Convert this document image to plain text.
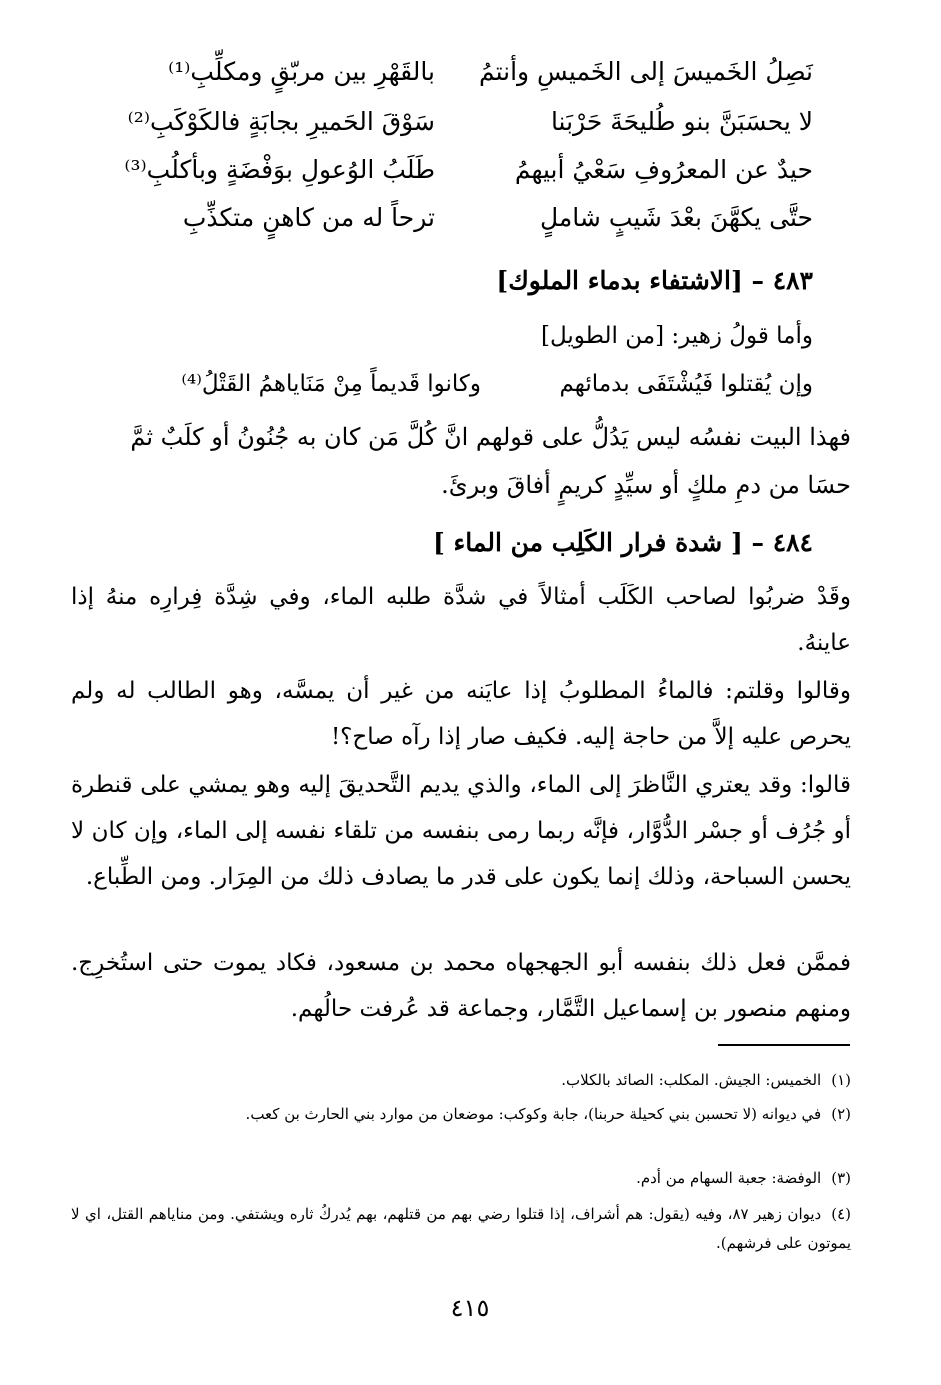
نَصِلُ الخَميسَ إلى الخَميسِ وأنتمُ
بالقَهْرِ بين مربّقٍ ومكلِّبِ⁽¹⁾
لا يحسَبَنَّ بنو طُليحَةَ حَرْبَنا
سَوْقَ الحَميرِ بجابَةٍ فالكَوْكَبِ⁽²⁾
حيدٌ عن المعرُوفِ سَعْيُ أبيهمُ
طَلَبُ الوُعولِ بوَفْضَةٍ وبأكلُبِ⁽³⁾
حتَّى يكهَّنَ بعْدَ شَيبٍ شاملٍ
ترحاً له من كاهنٍ متكذِّبِ
٤٨٣ – [الاشتفاء بدماء الملوك]
وأما قولُ زهير: [من الطويل]
وإن يُقتلوا فَيُشْتَفَى بدمائهم
وكانوا قَديماً مِنْ مَنَاياهمُ القَتْلُ⁽⁴⁾
فهذا البيت نفسُه ليس يَدُلُّ على قولهم انَّ كُلَّ مَن كان به جُنُونُ أو كلَبٌ ثمَّ
حسَا من دمِ ملكٍ أو سيِّدٍ كريمٍ أفاقَ وبرئَ.
٤٨٤ – [ شدة فرار الكَلِب من الماء ]
وقَدْ ضربُوا لصاحب الكَلَب أمثالاً في شدَّة طلبه الماء، وفي شِدَّة فِرارِه منهُ إذا عاينهُ.
وقالوا وقلتم: فالماءُ المطلوبُ إذا عايَنه من غير أن يمسَّه، وهو الطالب له ولم يحرص عليه إلاَّ من حاجة إليه. فكيف صار إذا رآه صاح؟!
قالوا: وقد يعتري النَّاظرَ إلى الماء، والذي يديم التَّحديقَ إليه وهو يمشي على قنطرة أو جُرُف أو جسْر الدُّوَّار، فإنَّه ربما رمى بنفسه من تلقاء نفسه إلى الماء، وإن كان لا يحسن السباحة، وذلك إنما يكون على قدر ما يصادف ذلك من المِرَار. ومن الطِّباع.
فممَّن فعل ذلك بنفسه أبو الجهجهاه محمد بن مسعود، فكاد يموت حتى استُخرِج. ومنهم منصور بن إسماعيل التَّمَّار، وجماعة قد عُرفت حالُهم.
(١)الخميس: الجيش. المكلب: الصائد بالكلاب.
(٢)في ديوانه (لا تحسبن بني كحيلة حربنا)، جابة وكوكب: موضعان من موارد بني الحارث بن كعب.
(٣)الوفضة: جعبة السهام من أدم.
(٤)ديوان زهير ٨٧، وفيه (يقول: هم أشراف، إذا قتلوا رضي بهم من قتلهم، بهم يُدركُ ثاره ويشتفي. ومن مناياهم القتل، اي لا يموتون على فرشهم).
٤١٥
